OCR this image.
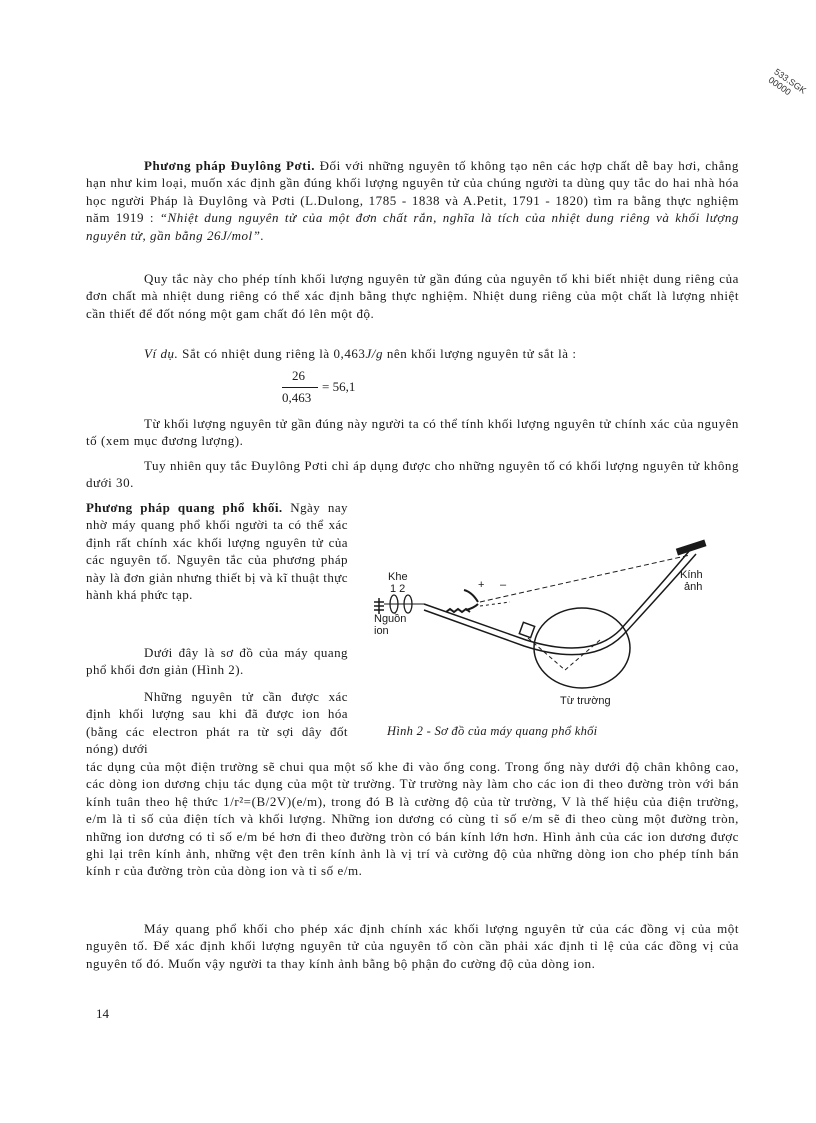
533.SGK 00000
Phương pháp Đuylông Pơti. Đối với những nguyên tố không tạo nên các hợp chất dễ bay hơi, chẳng hạn như kim loại, muốn xác định gần đúng khối lượng nguyên tử của chúng người ta dùng quy tắc do hai nhà hóa học người Pháp là Đuylông và Pơti (L.Dulong, 1785 - 1838 và A.Petit, 1791 - 1820) tìm ra bằng thực nghiệm năm 1919 : “Nhiệt dung nguyên tử của một đơn chất rắn, nghĩa là tích của nhiệt dung riêng và khối lượng nguyên tử, gần bằng 26J/mol”.
Quy tắc này cho phép tính khối lượng nguyên tử gần đúng của nguyên tố khi biết nhiệt dung riêng của đơn chất mà nhiệt dung riêng có thể xác định bằng thực nghiệm. Nhiệt dung riêng của một chất là lượng nhiệt cần thiết để đốt nóng một gam chất đó lên một độ.
Ví dụ. Sắt có nhiệt dung riêng là 0,463J/g nên khối lượng nguyên tử sắt là :
26
0,463
= 56,1
Từ khối lượng nguyên tử gần đúng này người ta có thể tính khối lượng nguyên tử chính xác của nguyên tố (xem mục đương lượng).
Tuy nhiên quy tắc Đuylông Pơti chỉ áp dụng được cho những nguyên tố có khối lượng nguyên tử không dưới 30.
Phương pháp quang phổ khối. Ngày nay nhờ máy quang phổ khối người ta có thể xác định rất chính xác khối lượng nguyên tử của các nguyên tố. Nguyên tắc của phương pháp này là đơn giản nhưng thiết bị và kĩ thuật thực hành khá phức tạp.
Dưới đây là sơ đồ của máy quang phổ khối đơn giản (Hình 2).
Những nguyên tử cần được xác định khối lượng sau khi đã được ion hóa (bằng các electron phát ra từ sợi dây đốt nóng) dưới
tác dụng của một điện trường sẽ chui qua một số khe đi vào ống cong. Trong ống này dưới độ chân không cao, các dòng ion dương chịu tác dụng của một từ trường. Từ trường này làm cho các ion đi theo đường tròn với bán kính tuân theo hệ thức 1/r²=(B/2V)(e/m), trong đó B là cường độ của từ trường, V là thế hiệu của điện trường, e/m là tỉ số của điện tích và khối lượng. Những ion dương có cùng tỉ số e/m sẽ đi theo cùng một đường tròn, những ion dương có tỉ số e/m bé hơn đi theo đường tròn có bán kính lớn hơn. Hình ảnh của các ion dương được ghi lại trên kính ảnh, những vệt đen trên kính ảnh là vị trí và cường độ của những dòng ion cho phép tính bán kính r của đường tròn của dòng ion và tỉ số e/m.
Máy quang phổ khối cho phép xác định chính xác khối lượng nguyên tử của các đồng vị của một nguyên tố. Để xác định khối lượng nguyên tử của nguyên tố còn cần phải xác định tỉ lệ của các đồng vị của nguyên tố đó. Muốn vậy người ta thay kính ảnh bằng bộ phận đo cường độ của dòng ion.
Khe
1 2	+ –
Nguồn
ion
Kính
ảnh
Từ trường
Hình 2 - Sơ đồ của máy quang phổ khối
14
